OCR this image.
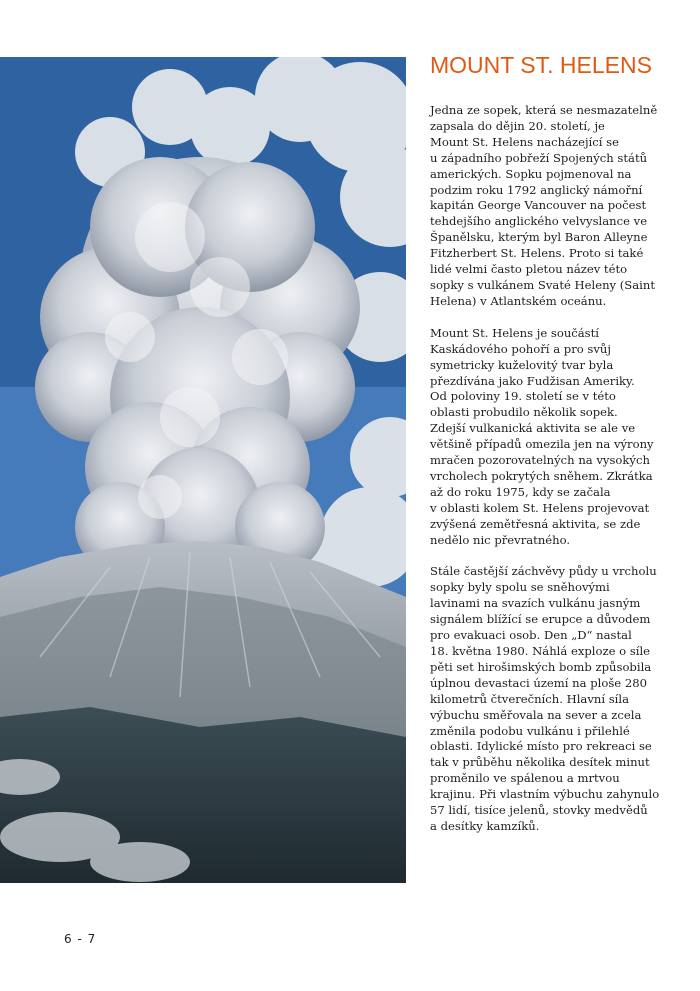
MOUNT ST. HELENS

Jedna ze sopek, která se nesmazatelně
zapsala do dějin 20. století, je
Mount St. Helens nacházející se
u západního pobřeží Spojených států
amerických. Sopku pojmenoval na
podzim roku 1792 anglický námořní
kapitán George Vancouver na počest
tehdejšího anglického velvyslance ve
Španělsku, kterým byl Baron Alleyne
Fitzherbert St. Helens. Proto si také
lidé velmi často pletou název této
sopky s vulkánem Svaté Heleny (Saint
Helena) v Atlantském oceánu.

Mount St. Helens je součástí
Kaskádového pohoří a pro svůj
symetricky kuželovitý tvar byla
přezdívána jako Fudžisan Ameriky.
Od poloviny 19. století se v této
oblasti probudilo několik sopek.
Zdejší vulkanická aktivita se ale ve
většině případů omezila jen na výrony
mračen pozorovatelných na vysokých
vrcholech pokrytých sněhem. Zkrátka
až do roku 1975, kdy se začala
v oblasti kolem St. Helens projevovat
zvýšená zemětřesná aktivita, se zde
nedělo nic převratného.

Stále častější záchvěvy půdy u vrcholu
sopky byly spolu se sněhovými
lavinami na svazích vulkánu jasným
signálem blížící se erupce a důvodem
pro evakuaci osob. Den „D“ nastal
18. května 1980. Náhlá exploze o síle
pěti set hirošimských bomb způsobila
úplnou devastaci území na ploše 280
kilometrů čtverečních. Hlavní síla
výbuchu směřovala na sever a zcela
změnila podobu vulkánu i přilehlé
oblasti. Idylické místo pro rekreaci se
tak v průběhu několika desítek minut
proměnilo ve spálenou a mrtvou
krajinu. Při vlastním výbuchu zahynulo
57 lidí, tisíce jelenů, stovky medvědů
a desítky kamzíků.

6 - 7
